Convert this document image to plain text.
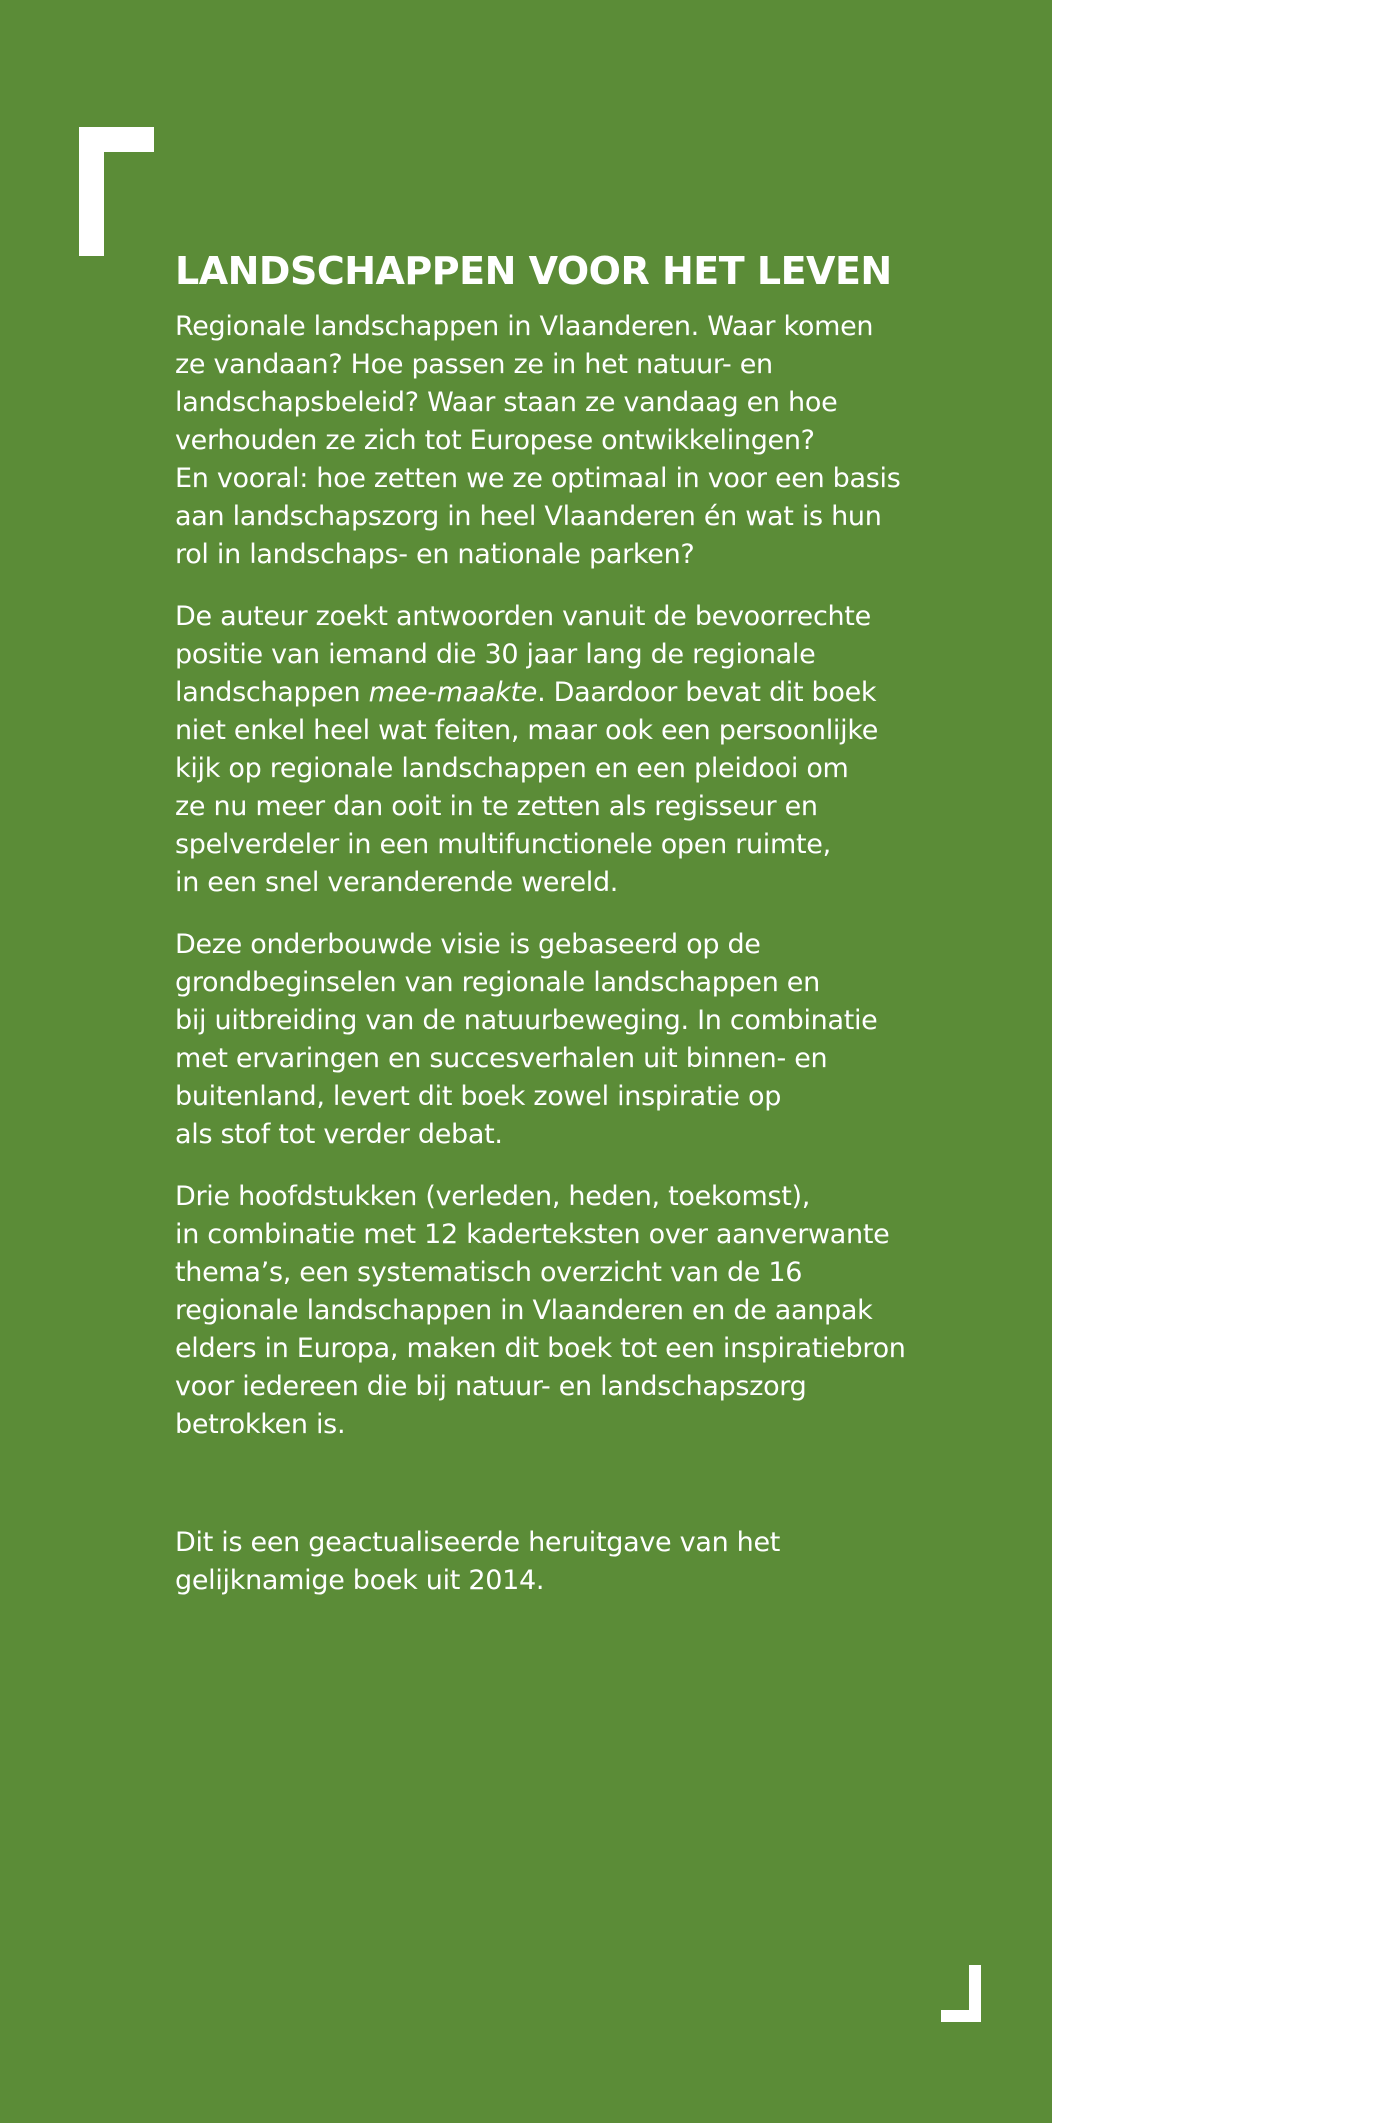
LANDSCHAPPEN VOOR HET LEVEN

Regionale landschappen in Vlaanderen. Waar komen
ze vandaan? Hoe passen ze in het natuur- en
landschapsbeleid? Waar staan ze vandaag en hoe
verhouden ze zich tot Europese ontwikkelingen?
En vooral: hoe zetten we ze optimaal in voor een basis
aan landschapszorg in heel Vlaanderen én wat is hun
rol in landschaps- en nationale parken?

De auteur zoekt antwoorden vanuit de bevoorrechte
positie van iemand die 30 jaar lang de regionale
landschappen mee-maakte. Daardoor bevat dit boek
niet enkel heel wat feiten, maar ook een persoonlijke
kijk op regionale landschappen en een pleidooi om
ze nu meer dan ooit in te zetten als regisseur en
spelverdeler in een multifunctionele open ruimte,
in een snel veranderende wereld.

Deze onderbouwde visie is gebaseerd op de
grondbeginselen van regionale landschappen en
bij uitbreiding van de natuurbeweging. In combinatie
met ervaringen en succesverhalen uit binnen- en
buitenland, levert dit boek zowel inspiratie op
als stof tot verder debat.

Drie hoofdstukken (verleden, heden, toekomst),
in combinatie met 12 kaderteksten over aanverwante
thema’s, een systematisch overzicht van de 16
regionale landschappen in Vlaanderen en de aanpak
elders in Europa, maken dit boek tot een inspiratiebron
voor iedereen die bij natuur- en landschapszorg
betrokken is.

Dit is een geactualiseerde heruitgave van het
gelijknamige boek uit 2014.
